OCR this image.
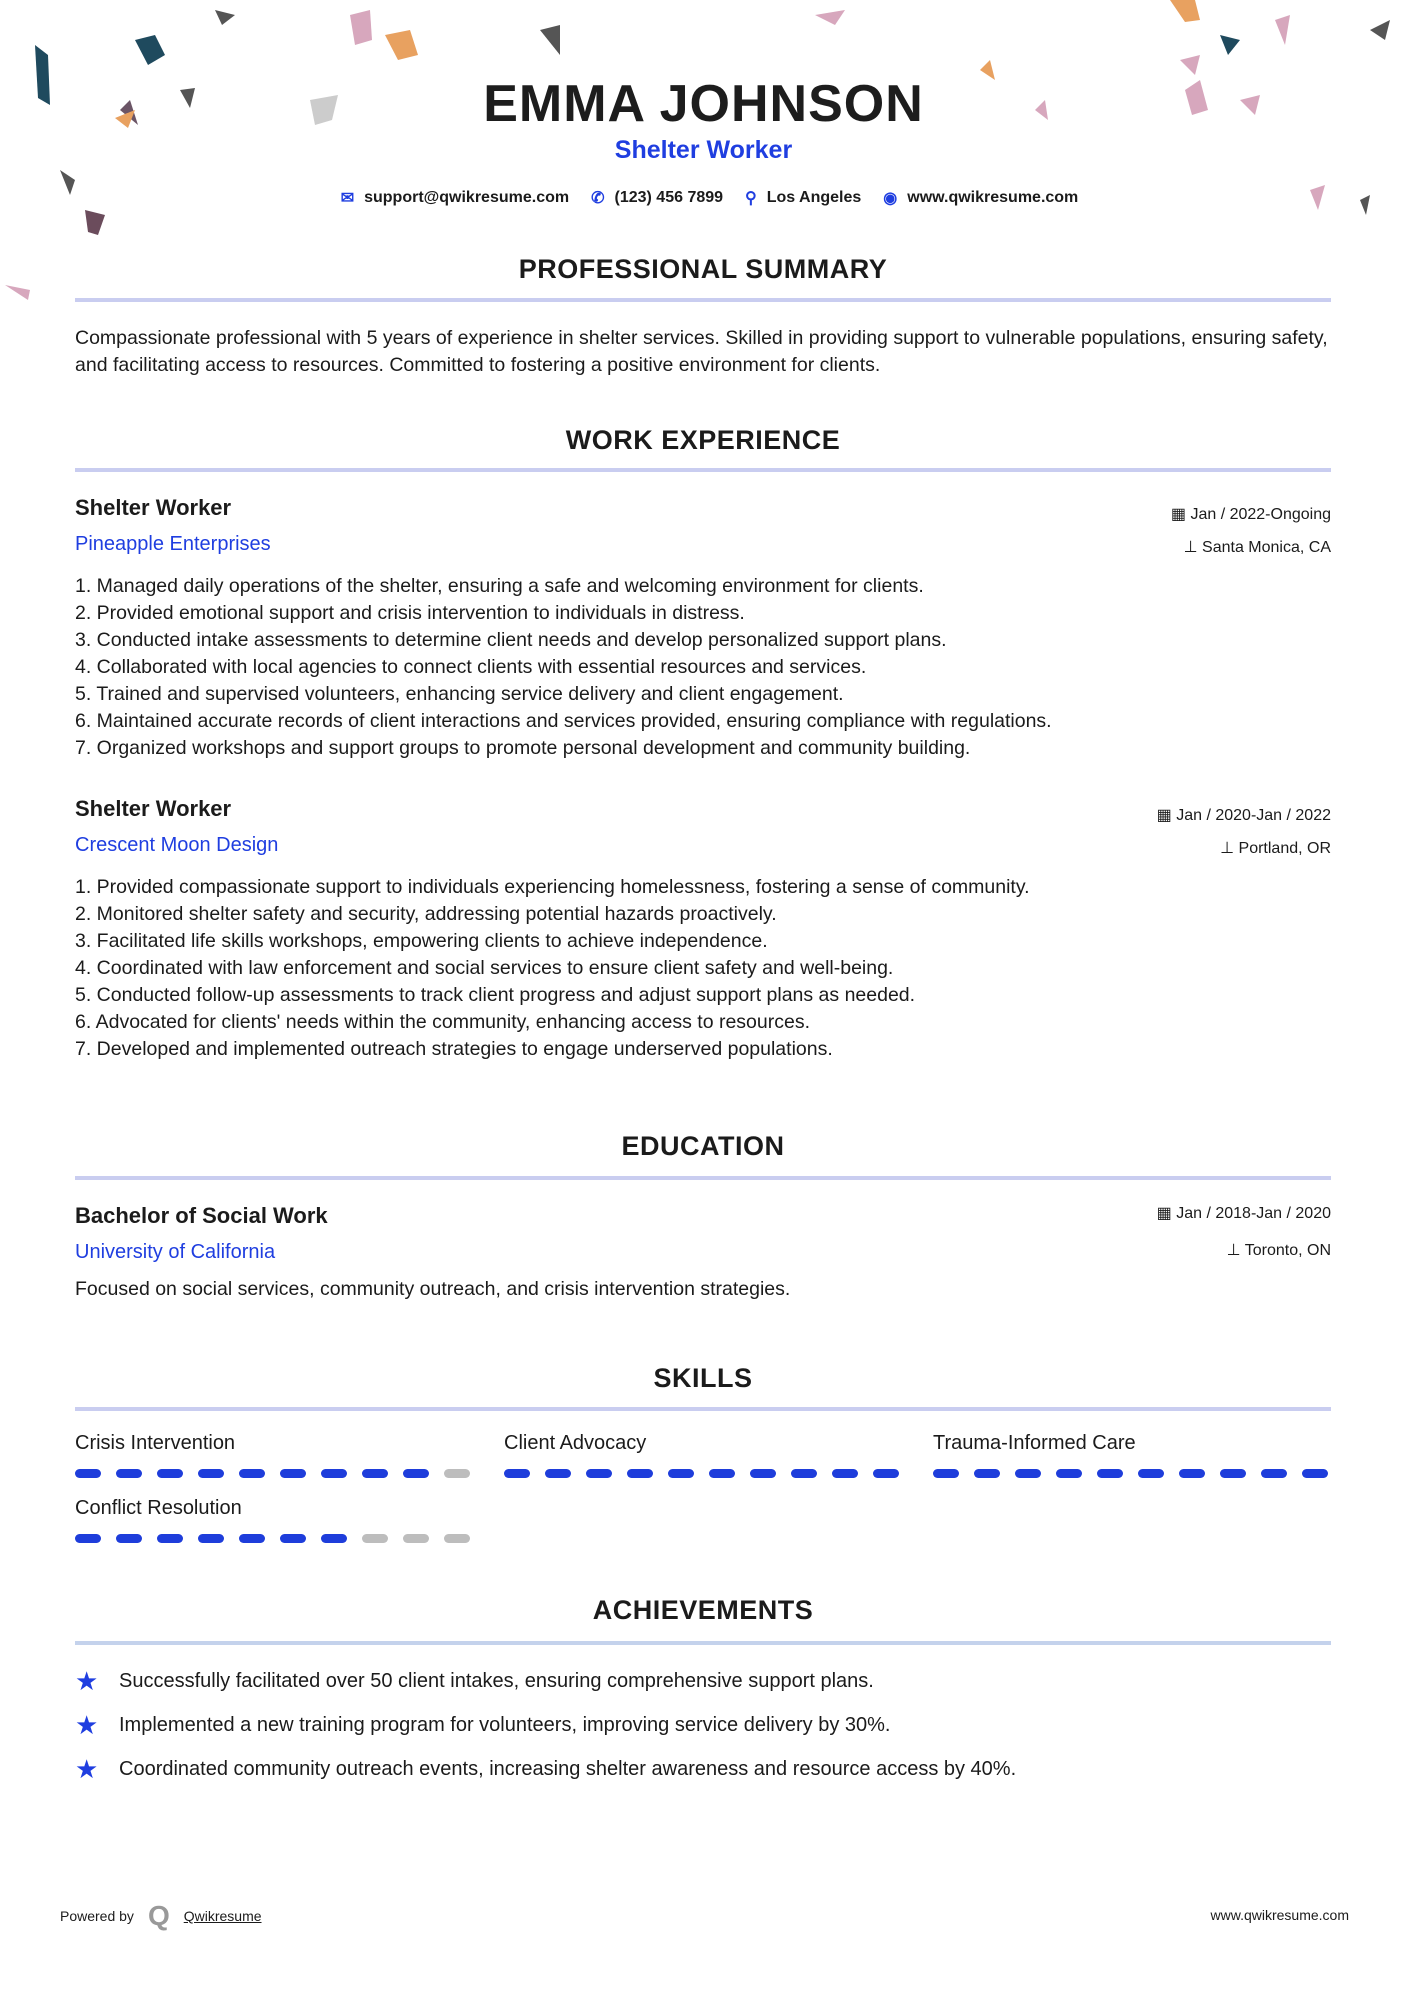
EMMA JOHNSON
Shelter Worker
✉ support@qwikresume.com ✆ (123) 456 7899 ⚲ Los Angeles ◉ www.qwikresume.com
PROFESSIONAL SUMMARY
Compassionate professional with 5 years of experience in shelter services. Skilled in providing support to vulnerable populations, ensuring safety, and facilitating access to resources. Committed to fostering a positive environment for clients.
WORK EXPERIENCE
Shelter Worker	▦ Jan / 2022-Ongoing
Pineapple Enterprises	⊥ Santa Monica, CA
1. Managed daily operations of the shelter, ensuring a safe and welcoming environment for clients.
2. Provided emotional support and crisis intervention to individuals in distress.
3. Conducted intake assessments to determine client needs and develop personalized support plans.
4. Collaborated with local agencies to connect clients with essential resources and services.
5. Trained and supervised volunteers, enhancing service delivery and client engagement.
6. Maintained accurate records of client interactions and services provided, ensuring compliance with regulations.
7. Organized workshops and support groups to promote personal development and community building.
Shelter Worker	▦ Jan / 2020-Jan / 2022
Crescent Moon Design	⊥ Portland, OR
1. Provided compassionate support to individuals experiencing homelessness, fostering a sense of community.
2. Monitored shelter safety and security, addressing potential hazards proactively.
3. Facilitated life skills workshops, empowering clients to achieve independence.
4. Coordinated with law enforcement and social services to ensure client safety and well-being.
5. Conducted follow-up assessments to track client progress and adjust support plans as needed.
6. Advocated for clients' needs within the community, enhancing access to resources.
7. Developed and implemented outreach strategies to engage underserved populations.
EDUCATION
Bachelor of Social Work	▦ Jan / 2018-Jan / 2020
University of California	⊥ Toronto, ON
Focused on social services, community outreach, and crisis intervention strategies.
SKILLS
Crisis Intervention	Client Advocacy	Trauma-Informed Care
Conflict Resolution
ACHIEVEMENTS
★	Successfully facilitated over 50 client intakes, ensuring comprehensive support plans.
★	Implemented a new training program for volunteers, improving service delivery by 30%.
★	Coordinated community outreach events, increasing shelter awareness and resource access by 40%.
Powered by Q Qwikresume	www.qwikresume.com
